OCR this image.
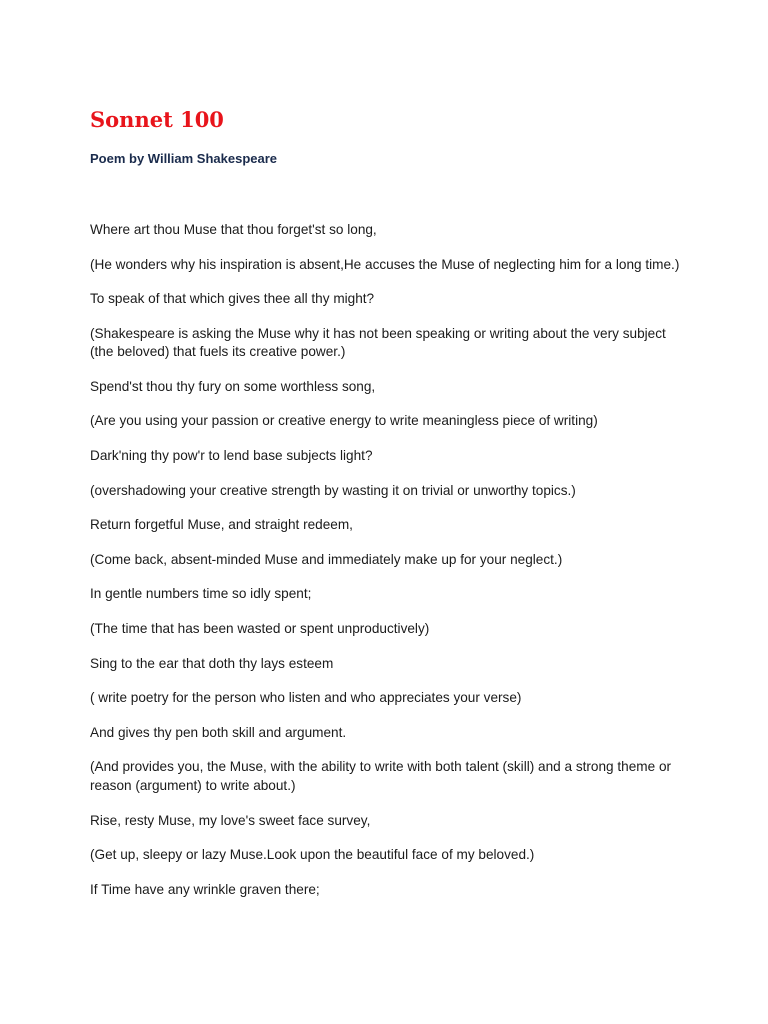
Sonnet 100

Poem by William Shakespeare

Where art thou Muse that thou forget'st so long,
(He wonders why his inspiration is absent,He accuses the Muse of neglecting him for a long time.)
To speak of that which gives thee all thy might?
(Shakespeare is asking the Muse why it has not been speaking or writing about the very subject (the beloved) that fuels its creative power.)
Spend'st thou thy fury on some worthless song,
(Are you using your passion or creative energy to write meaningless piece of writing)
Dark'ning thy pow'r to lend base subjects light?
(overshadowing your creative strength by wasting it on trivial or unworthy topics.)
Return forgetful Muse, and straight redeem,
(Come back, absent-minded Muse and immediately make up for your neglect.)
In gentle numbers time so idly spent;
(The time that has been wasted or spent unproductively)
Sing to the ear that doth thy lays esteem
( write poetry for the person who listen and who appreciates your verse)
And gives thy pen both skill and argument.
(And provides you, the Muse, with the ability to write with both talent (skill) and a strong theme or reason (argument) to write about.)
Rise, resty Muse, my love's sweet face survey,
(Get up, sleepy or lazy Muse.Look upon the beautiful face of my beloved.)
If Time have any wrinkle graven there;
